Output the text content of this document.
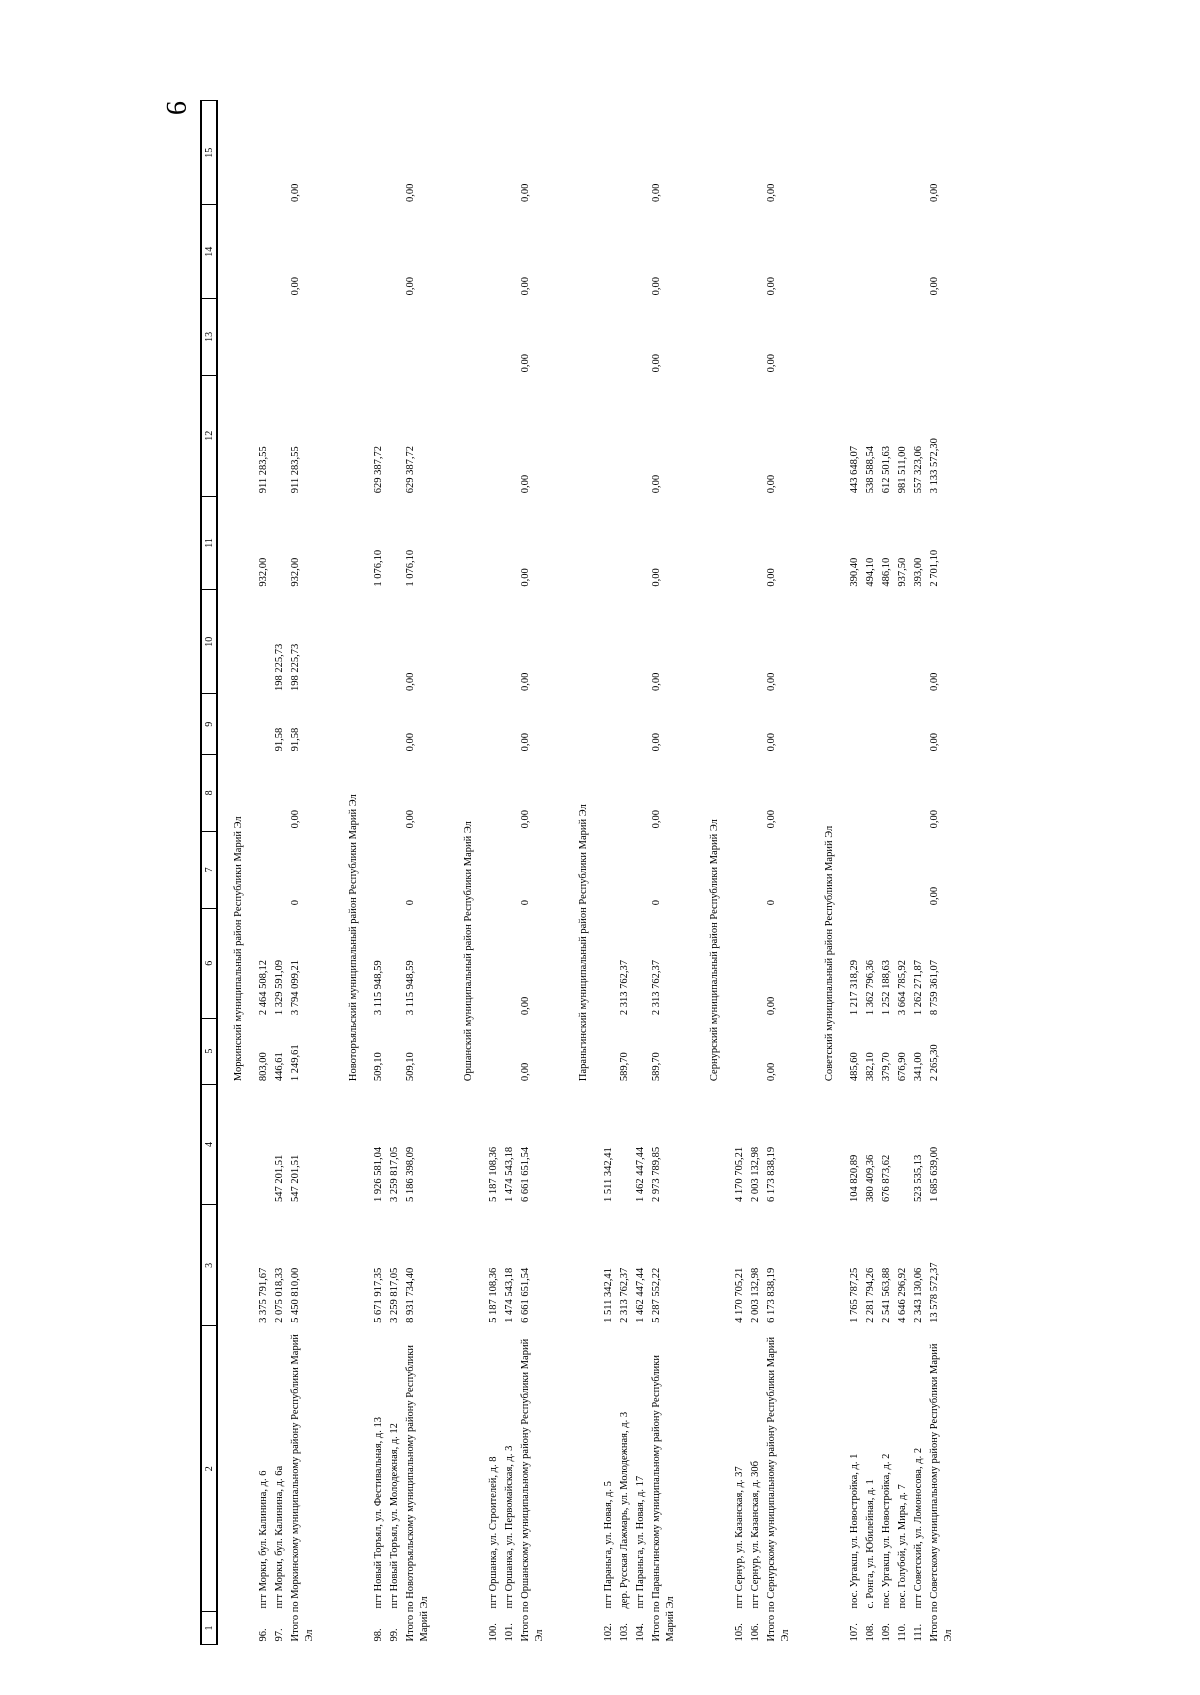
9
1	2	3	4	5	6	7	8	9	10	11	12	13	14	15
				Моркинский муниципальный район Республики Марий Эл										
96.	пгт Морки, бул. Калинина, д. 6	3 375 791,67		803,00	2 464 508,12					932,00	911 283,55			
97.	пгт Морки, бул. Калинина, д. 6а	2 075 018,33	547 201,51	446,61	1 329 591,09			91,58	198 225,73					
Итого по Моркинскому муниципальному району Республики Марий Эл		5 450 810,00	547 201,51	1 249,61	3 794 099,21	0	0,00	91,58	198 225,73	932,00	911 283,55		0,00	0,00
				Новоторъяльский муниципальный район Республики Марий Эл										
98.	пгт Новый Торъял, ул. Фестивальная, д. 13	5 671 917,35	1 926 581,04	509,10	3 115 948,59					1 076,10	629 387,72			
99.	пгт Новый Торъял, ул. Молодежная, д. 12	3 259 817,05	3 259 817,05											
Итого по Новоторъяльскому муниципальному району Республики Марий Эл		8 931 734,40	5 186 398,09	509,10	3 115 948,59	0	0,00	0,00	0,00	1 076,10	629 387,72		0,00	0,00
				Оршанский муниципальный район Республики Марий Эл										
100.	пгт Оршанка, ул. Строителей, д. 8	5 187 108,36	5 187 108,36											
101.	пгт Оршанка, ул. Первомайская, д. 3	1 474 543,18	1 474 543,18											
Итого по Оршанскому муниципальному району Республики Марий Эл		6 661 651,54	6 661 651,54	0,00	0,00	0	0,00	0,00	0,00	0,00	0,00	0,00	0,00	0,00
				Параньгинский муниципальный район Республики Марий Эл										
102.	пгт Параньга, ул. Новая, д. 5	1 511 342,41	1 511 342,41											
103.	дер. Русская Лажмарь, ул. Молодежная, д. 3	2 313 762,37		589,70	2 313 762,37									
104.	пгт Параньга, ул. Новая, д. 17	1 462 447,44	1 462 447,44											
Итого по Параньгинскому муниципальному району Республики Марий Эл		5 287 552,22	2 973 789,85	589,70	2 313 762,37	0	0,00	0,00	0,00	0,00	0,00	0,00	0,00	0,00
				Сернурский муниципальный район Республики Марий Эл										
105.	пгт Сернур, ул. Казанская, д. 37	4 170 705,21	4 170 705,21											
106.	пгт Сернур, ул. Казанская, д. 30б	2 003 132,98	2 003 132,98											
Итого по Сернурскому муниципальному району Республики Марий Эл		6 173 838,19	6 173 838,19	0,00	0,00	0	0,00	0,00	0,00	0,00	0,00	0,00	0,00	0,00
				Советский муниципальный район Республики Марий Эл										
107.	пос. Ургакш, ул. Новостройка, д. 1	1 765 787,25	104 820,89	485,60	1 217 318,29					390,40	443 648,07			
108.	с. Ронга, ул. Юбилейная, д. 1	2 281 794,26	380 409,36	382,10	1 362 796,36					494,10	538 588,54			
109.	пос. Ургакш, ул. Новостройка, д. 2	2 541 563,88	676 873,62	379,70	1 252 188,63					486,10	612 501,63			
110.	пос. Голубой, ул. Мира, д. 7	4 646 296,92		676,90	3 664 785,92					937,50	981 511,00			
111.	пгт Советский, ул. Ломоносова, д. 2	2 343 130,06	523 535,13	341,00	1 262 271,87					393,00	557 323,06			
Итого по Советскому муниципальному району Республики Марий Эл		13 578 572,37	1 685 639,00	2 265,30	8 759 361,07	0,00	0,00	0,00	0,00	2 701,10	3 133 572,30		0,00	0,00
